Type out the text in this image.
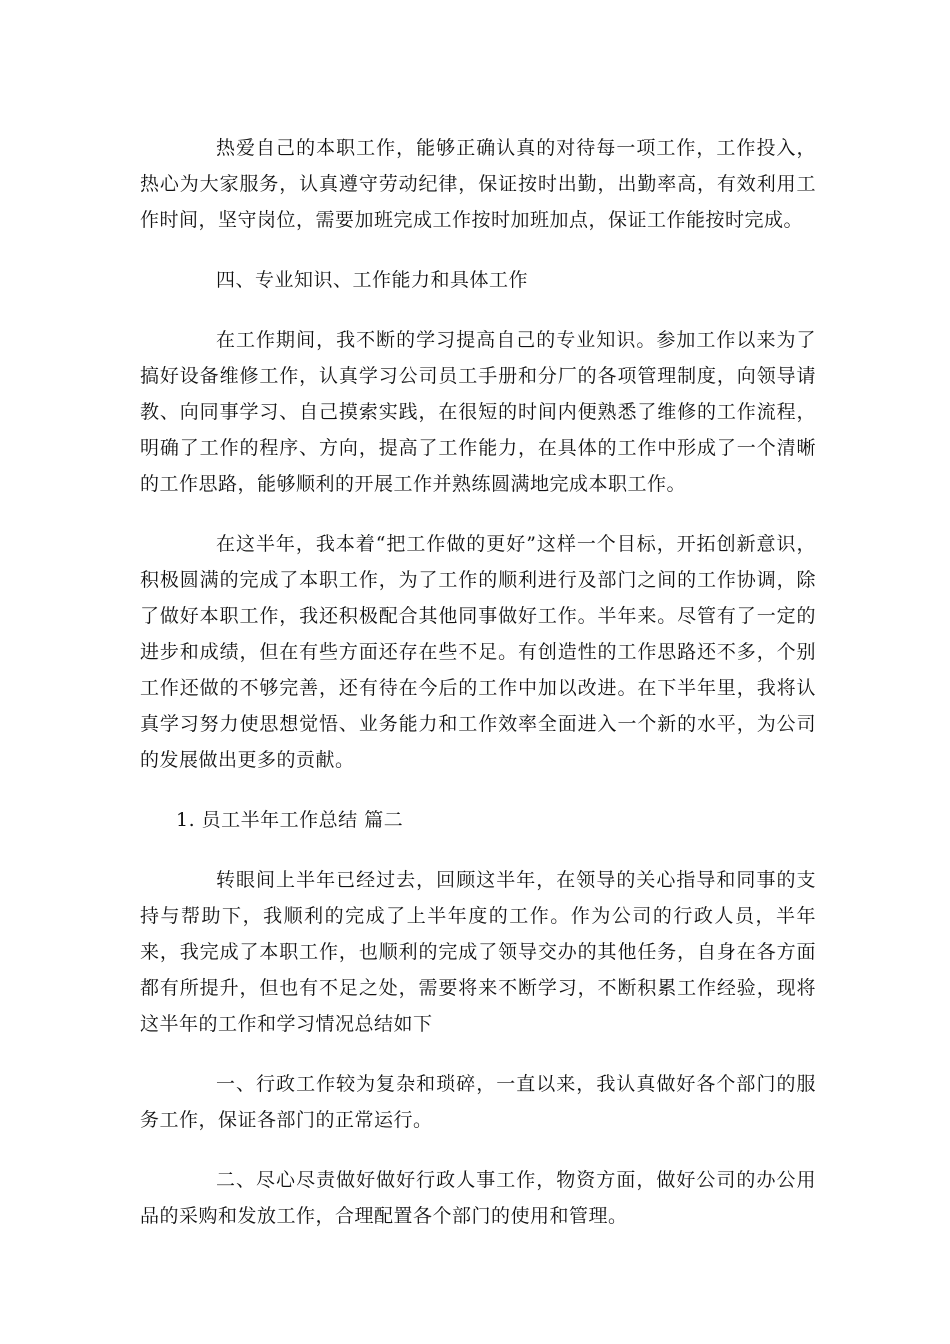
热爱自己的本职工作，能够正确认真的对待每一项工作，工作投入，热心为大家服务，认真遵守劳动纪律，保证按时出勤，出勤率高，有效利用工作时间，坚守岗位，需要加班完成工作按时加班加点，保证工作能按时完成。

四、专业知识、工作能力和具体工作

在工作期间，我不断的学习提高自己的专业知识。参加工作以来为了搞好设备维修工作，认真学习公司员工手册和分厂的各项管理制度，向领导请教、向同事学习、自己摸索实践，在很短的时间内便熟悉了维修的工作流程，明确了工作的程序、方向，提高了工作能力，在具体的工作中形成了一个清晰的工作思路，能够顺利的开展工作并熟练圆满地完成本职工作。

在这半年，我本着“把工作做的更好”这样一个目标，开拓创新意识，积极圆满的完成了本职工作，为了工作的顺利进行及部门之间的工作协调，除了做好本职工作，我还积极配合其他同事做好工作。半年来。尽管有了一定的进步和成绩，但在有些方面还存在些不足。有创造性的工作思路还不多，个别工作还做的不够完善，还有待在今后的工作中加以改进。在下半年里，我将认真学习努力使思想觉悟、业务能力和工作效率全面进入一个新的水平，为公司的发展做出更多的贡献。

1. 员工半年工作总结 篇二

转眼间上半年已经过去，回顾这半年，在领导的关心指导和同事的支持与帮助下，我顺利的完成了上半年度的工作。作为公司的行政人员，半年来，我完成了本职工作，也顺利的完成了领导交办的其他任务，自身在各方面都有所提升，但也有不足之处，需要将来不断学习，不断积累工作经验，现将这半年的工作和学习情况总结如下

一、行政工作较为复杂和琐碎，一直以来，我认真做好各个部门的服务工作，保证各部门的正常运行。

二、尽心尽责做好做好行政人事工作，物资方面，做好公司的办公用品的采购和发放工作，合理配置各个部门的使用和管理。
